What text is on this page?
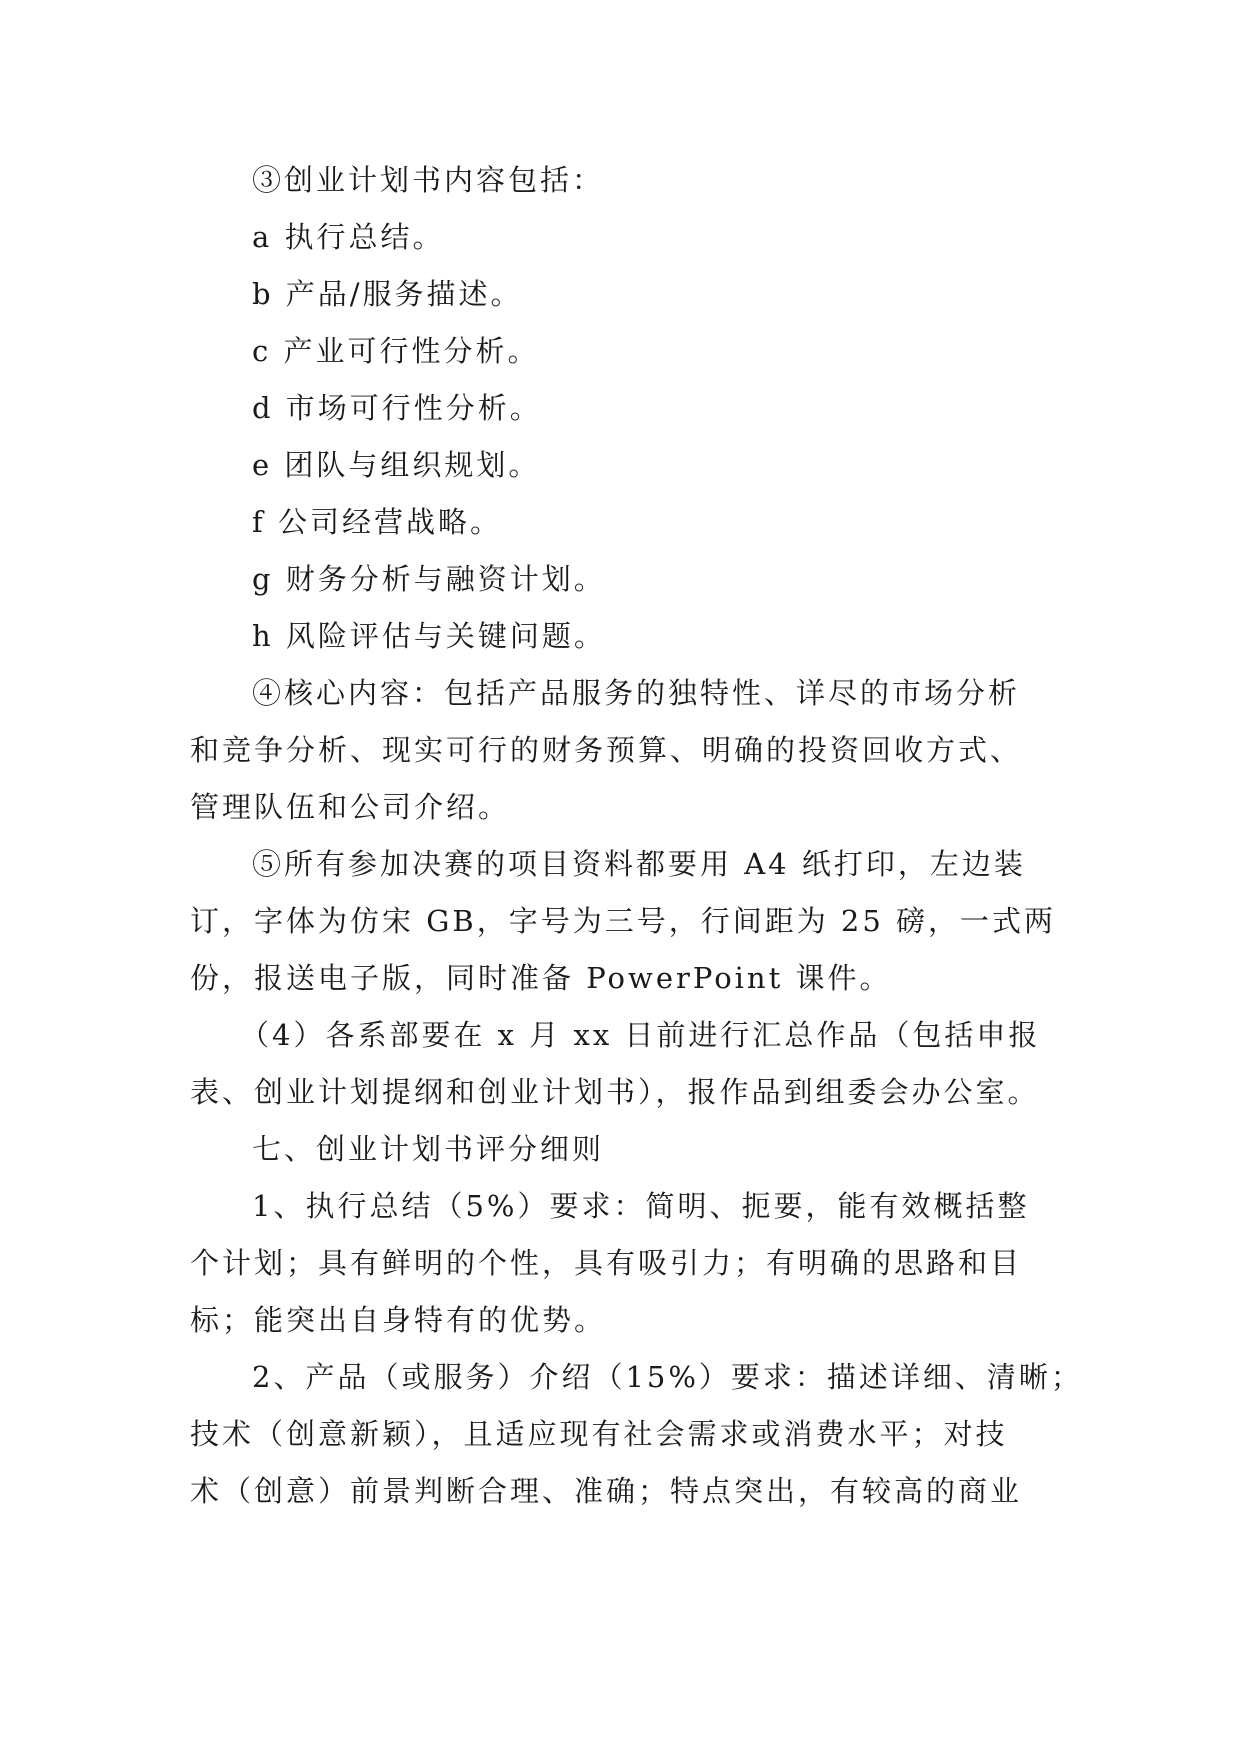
③创业计划书内容包括：
a 执行总结。
b 产品/服务描述。
c 产业可行性分析。
d 市场可行性分析。
e 团队与组织规划。
f 公司经营战略。
g 财务分析与融资计划。
h 风险评估与关键问题。
④核心内容：包括产品服务的独特性、详尽的市场分析
和竞争分析、现实可行的财务预算、明确的投资回收方式、
管理队伍和公司介绍。
⑤所有参加决赛的项目资料都要用 A4 纸打印，左边装
订，字体为仿宋 GB，字号为三号，行间距为 25 磅，一式两
份，报送电子版，同时准备 PowerPoint 课件。
（4）各系部要在 x 月 xx 日前进行汇总作品（包括申报
表、创业计划提纲和创业计划书），报作品到组委会办公室。
七、创业计划书评分细则
1、执行总结（5%）要求：简明、扼要，能有效概括整
个计划；具有鲜明的个性，具有吸引力；有明确的思路和目
标；能突出自身特有的优势。
2、产品（或服务）介绍（15%）要求：描述详细、清晰；
技术（创意新颖），且适应现有社会需求或消费水平；对技
术（创意）前景判断合理、准确；特点突出，有较高的商业
